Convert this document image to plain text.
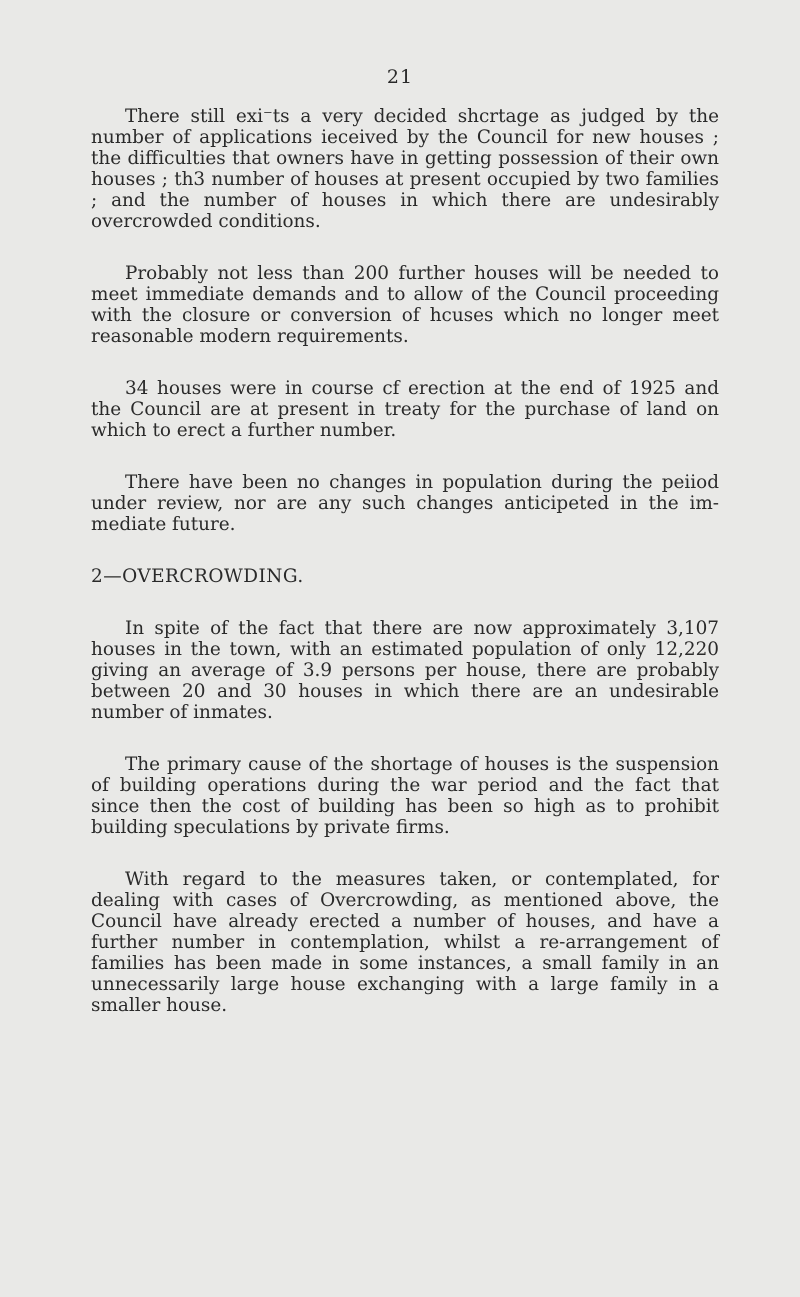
21

There still exi⁻ts a very decided shcrtage as judged by the number of applications ieceived by the Council for new houses ; the difficulties that owners have in getting possession of their own houses ; th3 number of houses at present occupied by two families ; and the number of houses in which there are undesirably overcrowded conditions.

Probably not less than 200 further houses will be needed to meet immediate demands and to allow of the Council proceeding with the closure or conversion of hcuses which no longer meet reasonable modern requirements.

34 houses were in course cf erection at the end of 1925 and the Council are at present in treaty for the purchase of land on which to erect a further number.

There have been no changes in population during the peiiod under review, nor are any such changes anticipeted in the im- mediate future.

2—OVERCROWDING.

In spite of the fact that there are now approximately 3,107 houses in the town, with an estimated population of only 12,220 giving an average of 3.9 persons per house, there are probably between 20 and 30 houses in which there are an undesirable number of inmates.

The primary cause of the shortage of houses is the suspension of building operations during the war period and the fact that since then the cost of building has been so high as to prohibit building speculations by private firms.

With regard to the measures taken, or contemplated, for dealing with cases of Overcrowding, as mentioned above, the Council have already erected a number of houses, and have a further number in contemplation, whilst a re-arrangement of families has been made in some instances, a small family in an unnecessarily large house exchanging with a large family in a smaller house.
